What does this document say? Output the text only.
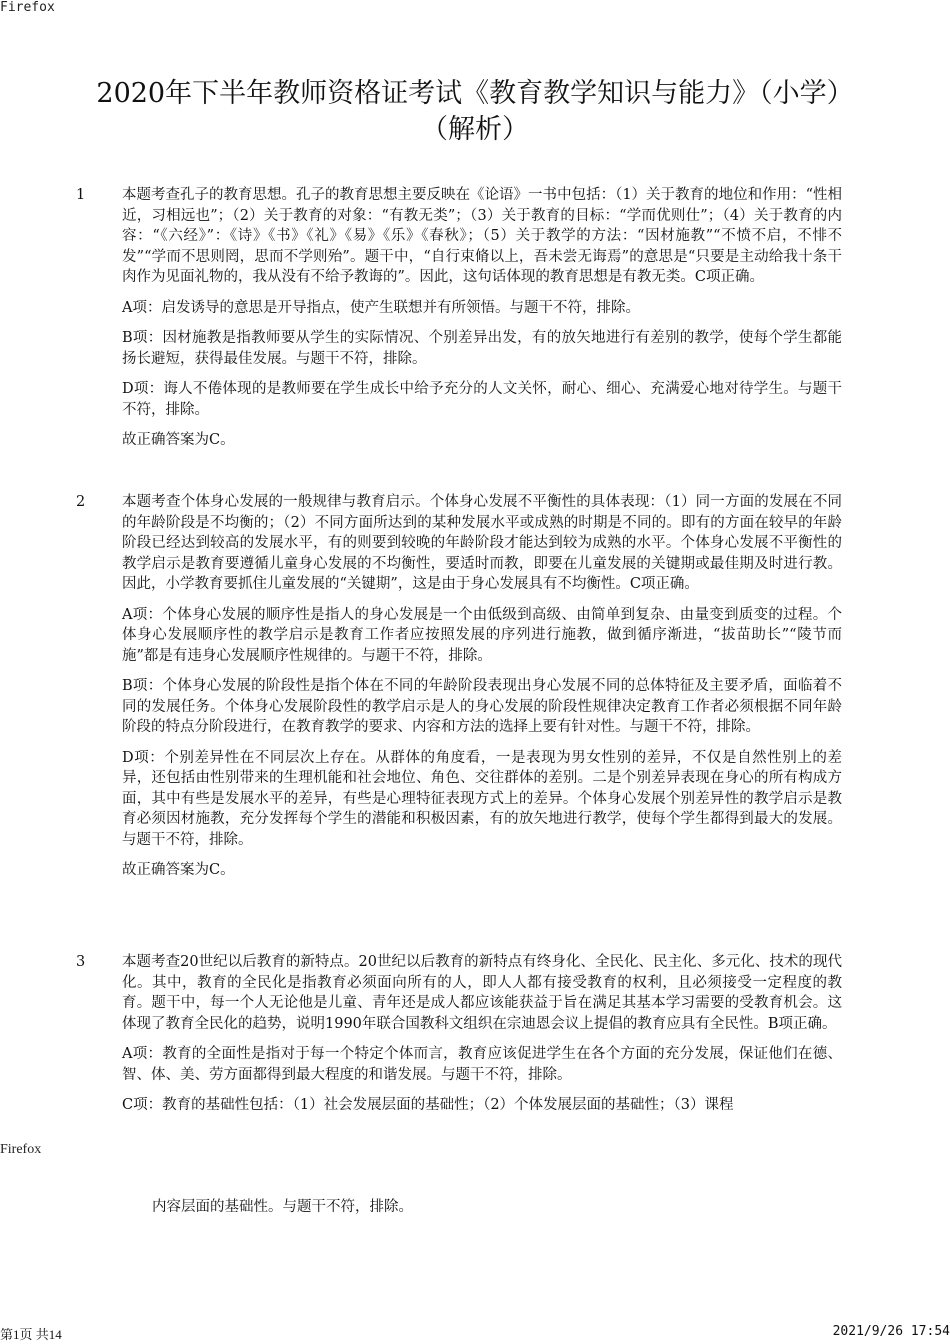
Firefox
2020年下半年教师资格证考试《教育教学知识与能力》（小学）（解析）
1	本题考查孔子的教育思想。孔子的教育思想主要反映在《论语》一书中包括：（1）关于教育的地位和作用：“性相近，习相远也”；（2）关于教育的对象：“有教无类”；（3）关于教育的目标：“学而优则仕”；（4）关于教育的内容：“《六经》”：《诗》《书》《礼》《易》《乐》《春秋》；（5）关于教学的方法：“因材施教”“不愤不启，不悱不发”“学而不思则罔，思而不学则殆”。题干中，“自行束脩以上，吾未尝无诲焉”的意思是“只要是主动给我十条干肉作为见面礼物的，我从没有不给予教诲的”。因此，这句话体现的教育思想是有教无类。C项正确。

A项：启发诱导的意思是开导指点，使产生联想并有所领悟。与题干不符，排除。

B项：因材施教是指教师要从学生的实际情况、个别差异出发，有的放矢地进行有差别的教学，使每个学生都能扬长避短，获得最佳发展。与题干不符，排除。

D项：诲人不倦体现的是教师要在学生成长中给予充分的人文关怀，耐心、细心、充满爱心地对待学生。与题干不符，排除。

故正确答案为C。

2	本题考查个体身心发展的一般规律与教育启示。个体身心发展不平衡性的具体表现：（1）同一方面的发展在不同的年龄阶段是不均衡的；（2）不同方面所达到的某种发展水平或成熟的时期是不同的。即有的方面在较早的年龄阶段已经达到较高的发展水平，有的则要到较晚的年龄阶段才能达到较为成熟的水平。个体身心发展不平衡性的教学启示是教育要遵循儿童身心发展的不均衡性，要适时而教，即要在儿童发展的关键期或最佳期及时进行教。因此，小学教育要抓住儿童发展的“关键期”，这是由于身心发展具有不均衡性。C项正确。

A项：个体身心发展的顺序性是指人的身心发展是一个由低级到高级、由简单到复杂、由量变到质变的过程。个体身心发展顺序性的教学启示是教育工作者应按照发展的序列进行施教，做到循序渐进，“拔苗助长”“陵节而施”都是有违身心发展顺序性规律的。与题干不符，排除。

B项：个体身心发展的阶段性是指个体在不同的年龄阶段表现出身心发展不同的总体特征及主要矛盾，面临着不同的发展任务。个体身心发展阶段性的教学启示是人的身心发展的阶段性规律决定教育工作者必须根据不同年龄阶段的特点分阶段进行，在教育教学的要求、内容和方法的选择上要有针对性。与题干不符，排除。

D项：个别差异性在不同层次上存在。从群体的角度看，一是表现为男女性别的差异，不仅是自然性别上的差异，还包括由性别带来的生理机能和社会地位、角色、交往群体的差别。二是个别差异表现在身心的所有构成方面，其中有些是发展水平的差异，有些是心理特征表现方式上的差异。个体身心发展个别差异性的教学启示是教育必须因材施教，充分发挥每个学生的潜能和积极因素，有的放矢地进行教学，使每个学生都得到最大的发展。与题干不符，排除。

故正确答案为C。

3	本题考查20世纪以后教育的新特点。20世纪以后教育的新特点有终身化、全民化、民主化、多元化、技术的现代化。其中，教育的全民化是指教育必须面向所有的人，即人人都有接受教育的权利，且必须接受一定程度的教育。题干中，每一个人无论他是儿童、青年还是成人都应该能获益于旨在满足其基本学习需要的受教育机会。这体现了教育全民化的趋势，说明1990年联合国教科文组织在宗迪恩会议上提倡的教育应具有全民性。B项正确。

A项：教育的全面性是指对于每一个特定个体而言，教育应该促进学生在各个方面的充分发展，保证他们在德、智、体、美、劳方面都得到最大程度的和谐发展。与题干不符，排除。

C项：教育的基础性包括：（1）社会发展层面的基础性；（2）个体发展层面的基础性；（3）课程

Firefox

内容层面的基础性。与题干不符，排除。

第1页 共14	2021/9/26 17:54
